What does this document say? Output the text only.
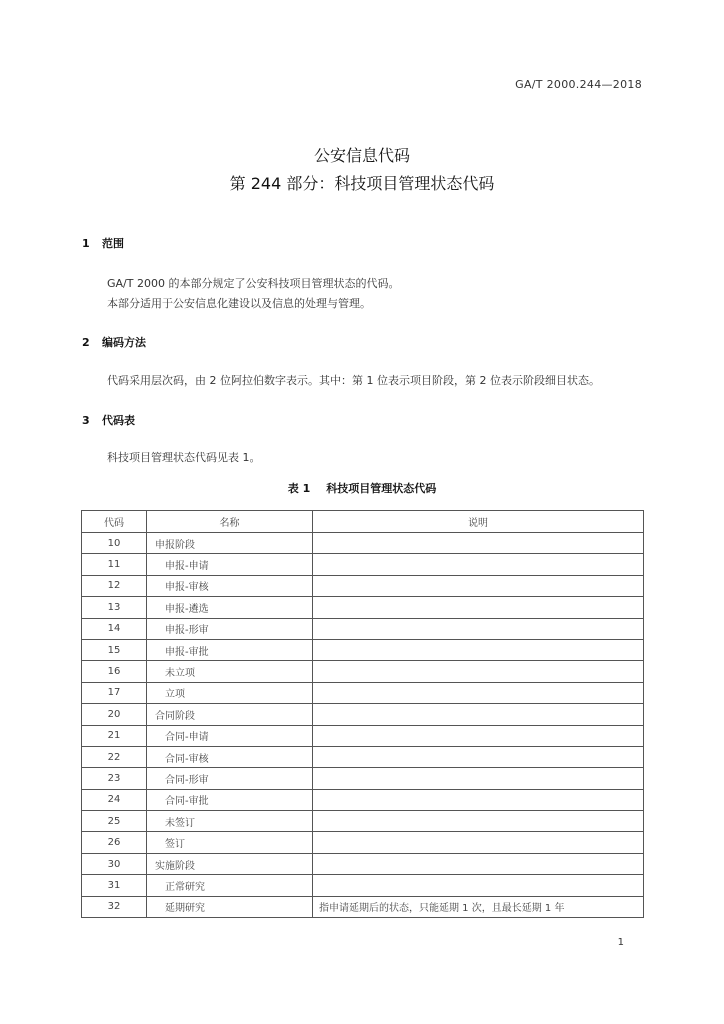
GA/T 2000.244—2018
公安信息代码
第 244 部分：科技项目管理状态代码
1 范围
GA/T 2000 的本部分规定了公安科技项目管理状态的代码。
本部分适用于公安信息化建设以及信息的处理与管理。
2 编码方法
代码采用层次码，由 2 位阿拉伯数字表示。其中：第 1 位表示项目阶段，第 2 位表示阶段细目状态。
3 代码表
科技项目管理状态代码见表 1。
表 1 科技项目管理状态代码
代码	名称	说明
10	申报阶段	
11	申报-申请	
12	申报-审核	
13	申报-遴选	
14	申报-形审	
15	申报-审批	
16	未立项	
17	立项	
20	合同阶段	
21	合同-申请	
22	合同-审核	
23	合同-形审	
24	合同-审批	
25	未签订	
26	签订	
30	实施阶段	
31	正常研究	
32	延期研究	指申请延期后的状态，只能延期 1 次，且最长延期 1 年
1
